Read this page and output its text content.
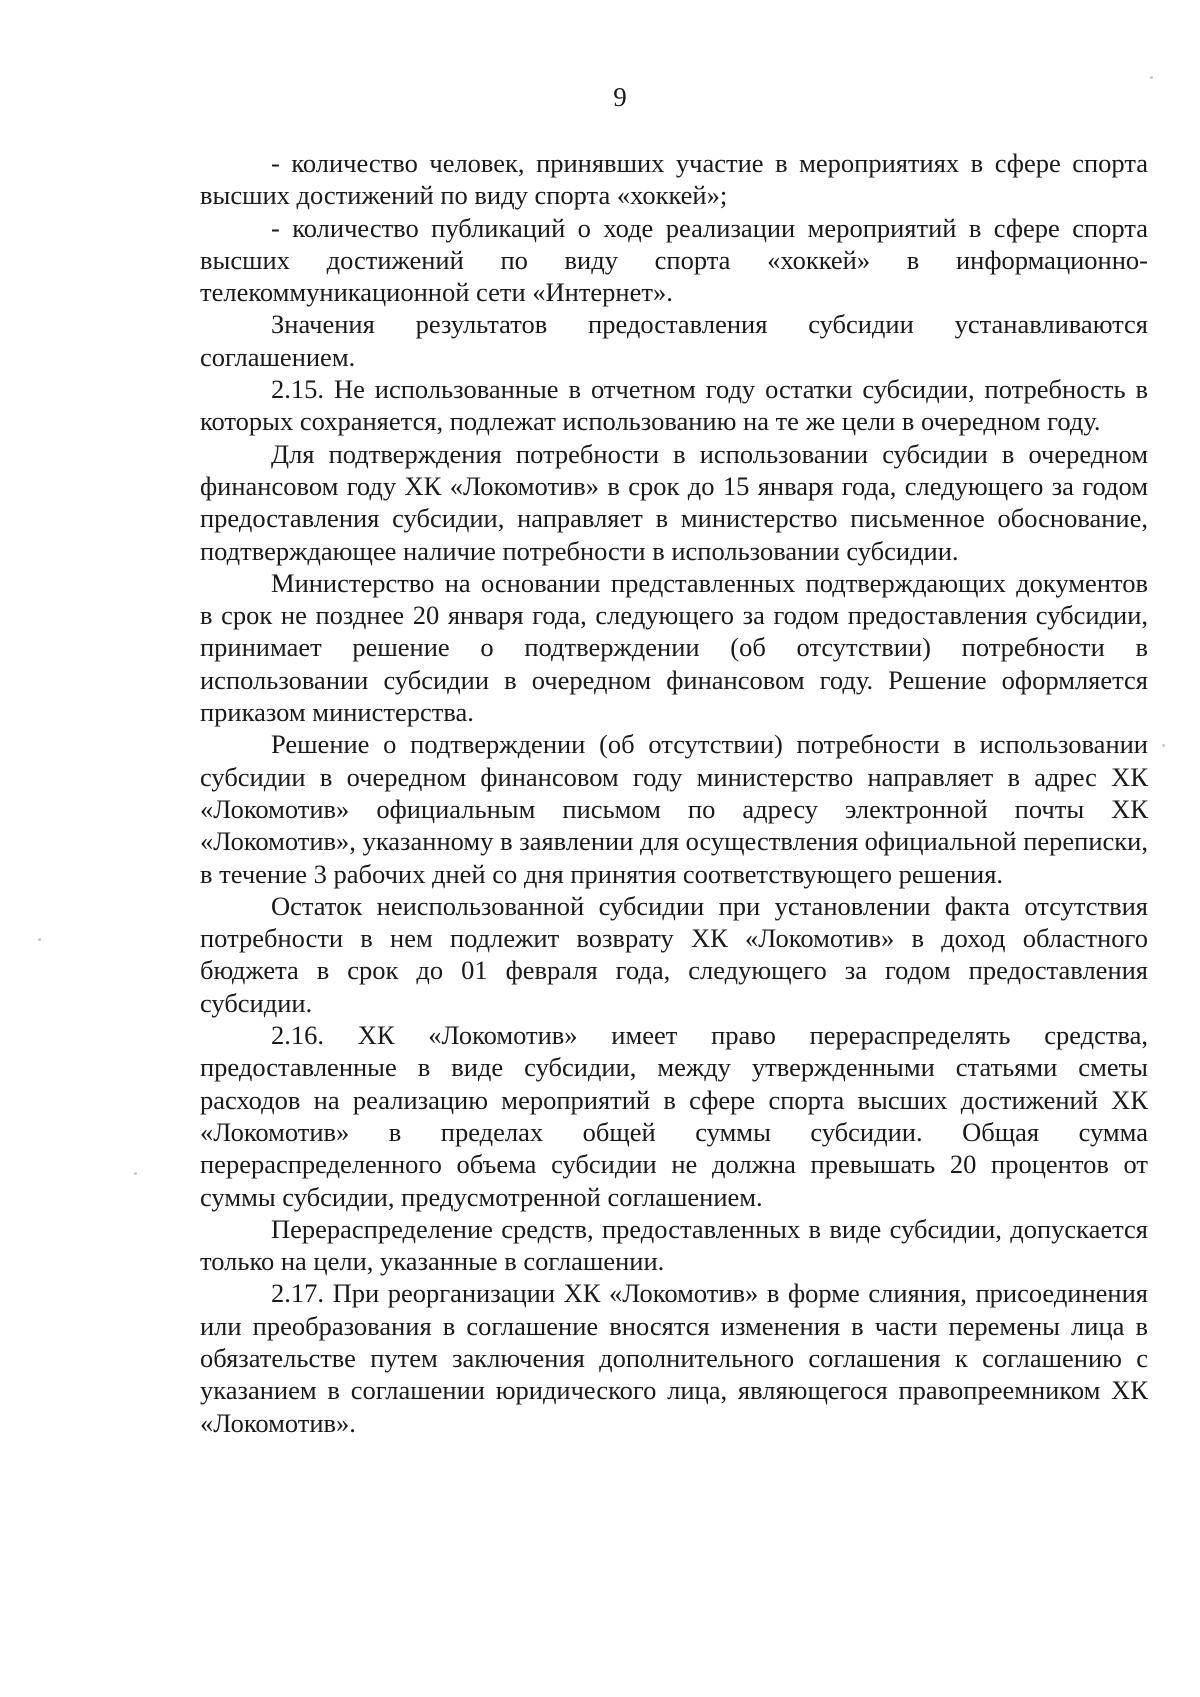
9

- количество человек, принявших участие в мероприятиях в сфере спорта высших достижений по виду спорта «хоккей»;

- количество публикаций о ходе реализации мероприятий в сфере спорта высших достижений по виду спорта «хоккей» в информационно-телекоммуникационной сети «Интернет».

Значения результатов предоставления субсидии устанавливаются соглашением.

2.15. Не использованные в отчетном году остатки субсидии, потребность в которых сохраняется, подлежат использованию на те же цели в очередном году.

Для подтверждения потребности в использовании субсидии в очередном финансовом году ХК «Локомотив» в срок до 15 января года, следующего за годом предоставления субсидии, направляет в министерство письменное обоснование, подтверждающее наличие потребности в использовании субсидии.

Министерство на основании представленных подтверждающих документов в срок не позднее 20 января года, следующего за годом предоставления субсидии, принимает решение о подтверждении (об отсутствии) потребности в использовании субсидии в очередном финансовом году. Решение оформляется приказом министерства.

Решение о подтверждении (об отсутствии) потребности в использовании субсидии в очередном финансовом году министерство направляет в адрес ХК «Локомотив» официальным письмом по адресу электронной почты ХК «Локомотив», указанному в заявлении для осуществления официальной переписки, в течение 3 рабочих дней со дня принятия соответствующего решения.

Остаток неиспользованной субсидии при установлении факта отсутствия потребности в нем подлежит возврату ХК «Локомотив» в доход областного бюджета в срок до 01 февраля года, следующего за годом предоставления субсидии.

2.16. ХК «Локомотив» имеет право перераспределять средства, предоставленные в виде субсидии, между утвержденными статьями сметы расходов на реализацию мероприятий в сфере спорта высших достижений ХК «Локомотив» в пределах общей суммы субсидии. Общая сумма перераспределенного объема субсидии не должна превышать 20 процентов от суммы субсидии, предусмотренной соглашением.

Перераспределение средств, предоставленных в виде субсидии, допускается только на цели, указанные в соглашении.

2.17. При реорганизации ХК «Локомотив» в форме слияния, присоединения или преобразования в соглашение вносятся изменения в части перемены лица в обязательстве путем заключения дополнительного соглашения к соглашению с указанием в соглашении юридического лица, являющегося правопреемником ХК «Локомотив».
